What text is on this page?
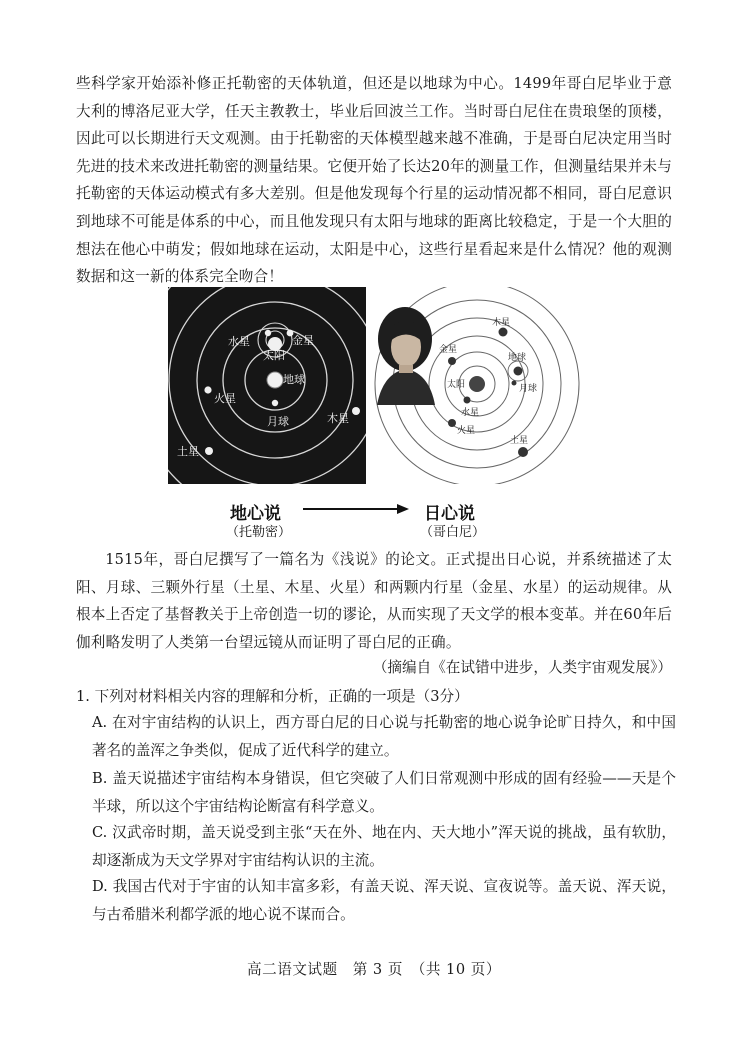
些科学家开始添补修正托勒密的天体轨道，但还是以地球为中心。1499年哥白尼毕业于意大利的博洛尼亚大学，任天主教教士，毕业后回波兰工作。当时哥白尼住在贵琅堡的顶楼，因此可以长期进行天文观测。由于托勒密的天体模型越来越不准确，于是哥白尼决定用当时先进的技术来改进托勒密的测量结果。它便开始了长达20年的测量工作，但测量结果并未与托勒密的天体运动模式有多大差别。但是他发现每个行星的运动情况都不相同，哥白尼意识到地球不可能是体系的中心，而且他发现只有太阳与地球的距离比较稳定，于是一个大胆的想法在他心中萌发；假如地球在运动，太阳是中心，这些行星看起来是什么情况？他的观测数据和这一新的体系完全吻合！

水星	金星
太阳
地球
月球
火星
木星
土星
木星
金星
地球
月球
太阳
水星
火星
土星
地心说
（托勒密）
日心说
（哥白尼）

1515年，哥白尼撰写了一篇名为《浅说》的论文。正式提出日心说，并系统描述了太阳、月球、三颗外行星（土星、木星、火星）和两颗内行星（金星、水星）的运动规律。从根本上否定了基督教关于上帝创造一切的谬论，从而实现了天文学的根本变革。并在60年后伽利略发明了人类第一台望远镜从而证明了哥白尼的正确。

（摘编自《在试错中进步，人类宇宙观发展》）

1. 下列对材料相关内容的理解和分析，正确的一项是（3分）

A. 在对宇宙结构的认识上，西方哥白尼的日心说与托勒密的地心说争论旷日持久，和中国著名的盖浑之争类似，促成了近代科学的建立。

B. 盖天说描述宇宙结构本身错误，但它突破了人们日常观测中形成的固有经验——天是个半球，所以这个宇宙结构论断富有科学意义。

C. 汉武帝时期，盖天说受到主张“天在外、地在内、天大地小”浑天说的挑战，虽有软肋，却逐渐成为天文学界对宇宙结构认识的主流。

D. 我国古代对于宇宙的认知丰富多彩，有盖天说、浑天说、宣夜说等。盖天说、浑天说，与古希腊米利都学派的地心说不谋而合。

高二语文试题　第 3 页　（共 10 页）
